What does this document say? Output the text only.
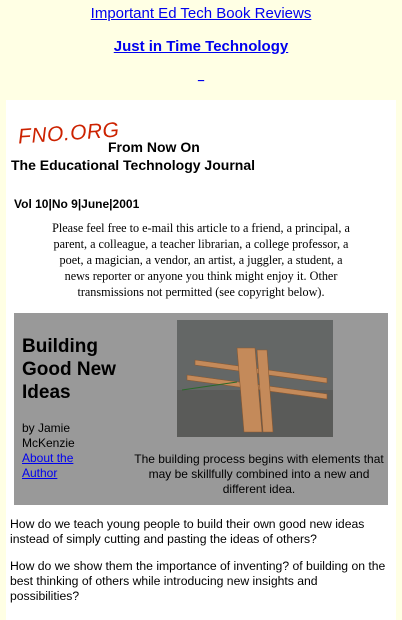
Important Ed Tech Book Reviews
Just in Time Technology
_
FNO.ORG
From Now On
The Educational Technology Journal
Vol 10|No 9|June|2001
Please feel free to e-mail this article to a friend, a principal, a parent, a colleague, a teacher librarian, a college professor, a poet, a magician, a vendor, an artist, a juggler, a student, a news reporter or anyone you think might enjoy it. Other transmissions not permitted (see copyright below).
Building
Good New
Ideas
by Jamie
McKenzie
About the
Author
The building process begins with elements that may be skillfully combined into a new and different idea.
How do we teach young people to build their own good new ideas instead of simply cutting and pasting the ideas of others?
How do we show them the importance of inventing? of building on the best thinking of others while introducing new insights and possibilities?
